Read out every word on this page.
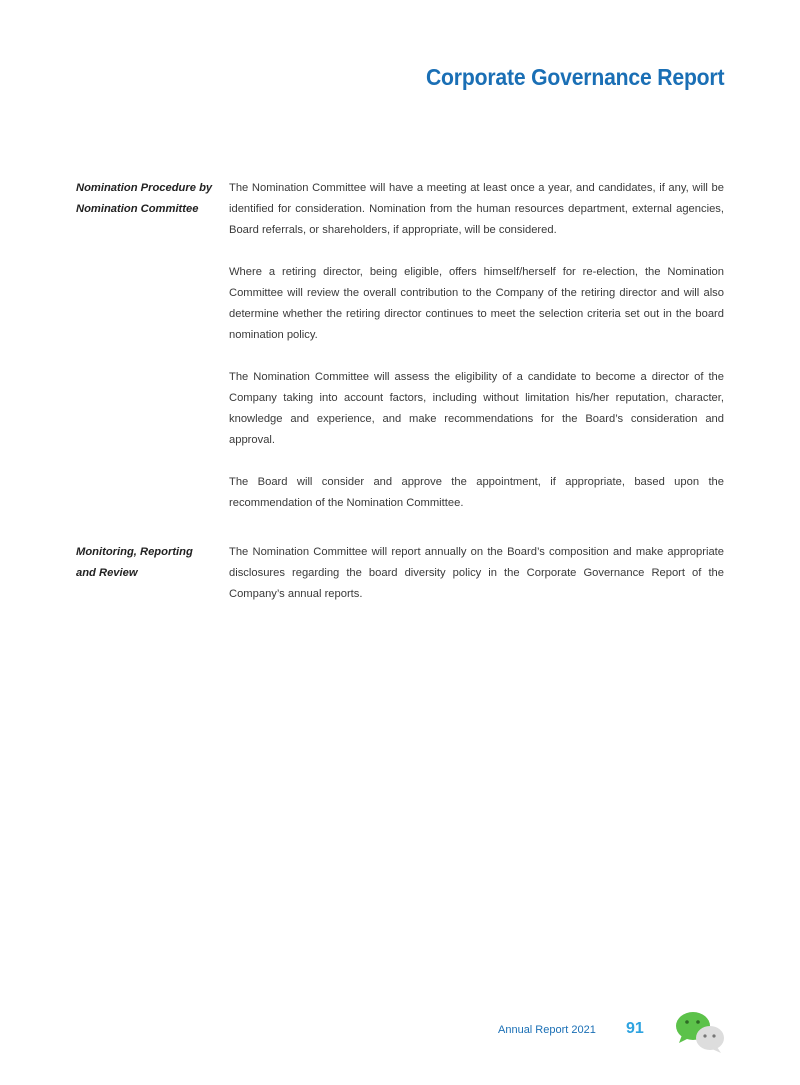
Corporate Governance Report
Nomination Procedure by
Nomination Committee

The Nomination Committee will have a meeting at least once a year, and candidates, if any, will be identified for consideration. Nomination from the human resources department, external agencies, Board referrals, or shareholders, if appropriate, will be considered.

Where a retiring director, being eligible, offers himself/herself for re-election, the Nomination Committee will review the overall contribution to the Company of the retiring director and will also determine whether the retiring director continues to meet the selection criteria set out in the board nomination policy.

The Nomination Committee will assess the eligibility of a candidate to become a director of the Company taking into account factors, including without limitation his/her reputation, character, knowledge and experience, and make recommendations for the Board’s consideration and approval.

The Board will consider and approve the appointment, if appropriate, based upon the recommendation of the Nomination Committee.

Monitoring, Reporting
and Review

The Nomination Committee will report annually on the Board’s composition and make appropriate disclosures regarding the board diversity policy in the Corporate Governance Report of the Company’s annual reports.

Annual Report 2021 91
